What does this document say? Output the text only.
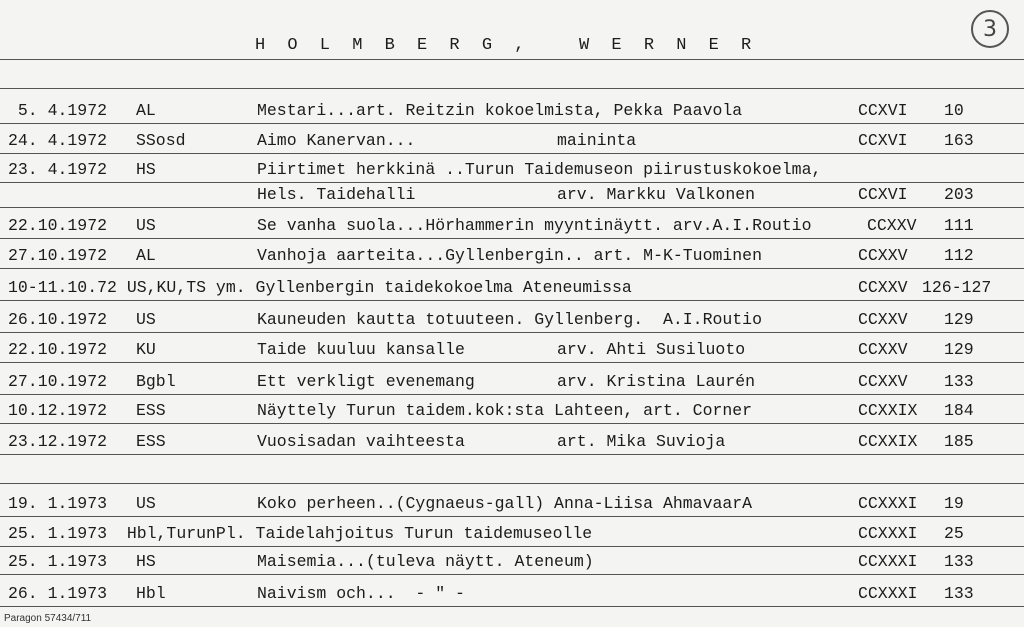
H O L M B E R G ,   W E R N E R
3
5. 4.1972 AL	Mestari...art. Reitzin kokoelmista, Pekka Paavola	CCXVI 10
24. 4.1972 SSosd	Aimo Kanervan...	maininta	CCXVI 163
23. 4.1972 HS	Piirtimet herkkinä ..Turun Taidemuseon piirustuskokoelma,
Hels. Taidehalli	arv. Markku Valkonen	CCXVI 203
22.10.1972 US	Se vanha suola...Hörhammerin myyntinäytt. arv.A.I.Routio	CCXXV 111
27.10.1972 AL	Vanhoja aarteita...Gyllenbergin.. art. M-K-Tuominen	CCXXV 112
10-11.10.72 US,KU,TS ym. Gyllenbergin taidekokoelma Ateneumissa	CCXXV 126-127
26.10.1972 US	Kauneuden kautta totuuteen. Gyllenberg.  A.I.Routio	CCXXV 129
22.10.1972 KU	Taide kuuluu kansalle	arv. Ahti Susiluoto	CCXXV 129
27.10.1972 Bgbl	Ett verkligt evenemang	arv. Kristina Laurén	CCXXV 133
10.12.1972 ESS	Näyttely Turun taidem.kok:sta Lahteen, art. Corner	CCXXIX 184
23.12.1972 ESS	Vuosisadan vaihteesta	art. Mika Suvioja	CCXXIX 185
19. 1.1973 US	Koko perheen..(Cygnaeus-gall) Anna-Liisa AhmavaarA	CCXXXI 19
25. 1.1973  Hbl,TurunPl. Taidelahjoitus Turun taidemuseolle	CCXXXI 25
25. 1.1973 HS	Maisemia...(tuleva näytt. Ateneum)	CCXXXI 133
26. 1.1973 Hbl	Naivism och...  - " -	CCXXXI 133
Paragon 57434/711
